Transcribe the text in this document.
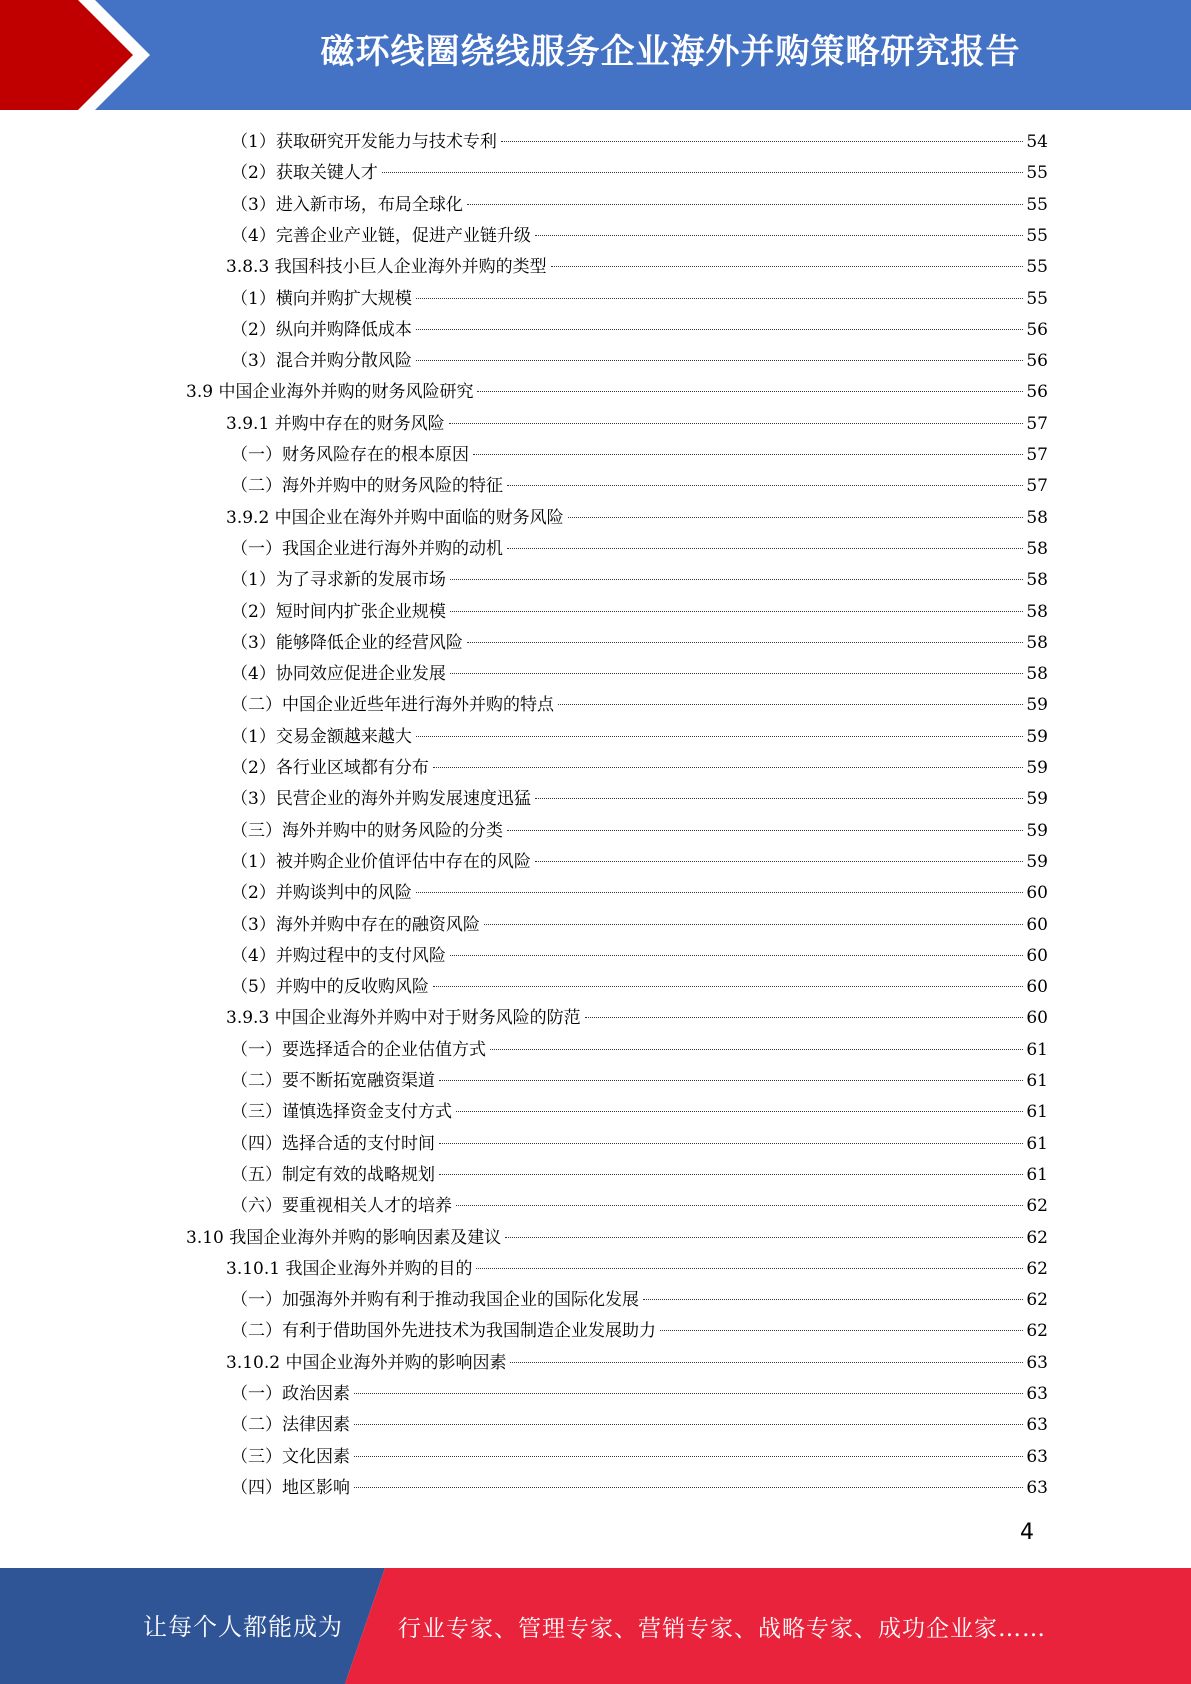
磁环线圈绕线服务企业海外并购策略研究报告
（1）获取研究开发能力与技术专利	54
（2）获取关键人才	55
（3）进入新市场，布局全球化	55
（4）完善企业产业链，促进产业链升级	55
3.8.3 我国科技小巨人企业海外并购的类型	55
（1）横向并购扩大规模	55
（2）纵向并购降低成本	56
（3）混合并购分散风险	56
3.9 中国企业海外并购的财务风险研究	56
3.9.1 并购中存在的财务风险	57
（一）财务风险存在的根本原因	57
（二）海外并购中的财务风险的特征	57
3.9.2 中国企业在海外并购中面临的财务风险	58
（一）我国企业进行海外并购的动机	58
（1）为了寻求新的发展市场	58
（2）短时间内扩张企业规模	58
（3）能够降低企业的经营风险	58
（4）协同效应促进企业发展	58
（二）中国企业近些年进行海外并购的特点	59
（1）交易金额越来越大	59
（2）各行业区域都有分布	59
（3）民营企业的海外并购发展速度迅猛	59
（三）海外并购中的财务风险的分类	59
（1）被并购企业价值评估中存在的风险	59
（2）并购谈判中的风险	60
（3）海外并购中存在的融资风险	60
（4）并购过程中的支付风险	60
（5）并购中的反收购风险	60
3.9.3 中国企业海外并购中对于财务风险的防范	60
（一）要选择适合的企业估值方式	61
（二）要不断拓宽融资渠道	61
（三）谨慎选择资金支付方式	61
（四）选择合适的支付时间	61
（五）制定有效的战略规划	61
（六）要重视相关人才的培养	62
3.10 我国企业海外并购的影响因素及建议	62
3.10.1 我国企业海外并购的目的	62
（一）加强海外并购有利于推动我国企业的国际化发展	62
（二）有利于借助国外先进技术为我国制造企业发展助力	62
3.10.2 中国企业海外并购的影响因素	63
（一）政治因素	63
（二）法律因素	63
（三）文化因素	63
（四）地区影响	63
4
让每个人都能成为 行业专家、管理专家、营销专家、战略专家、成功企业家……
